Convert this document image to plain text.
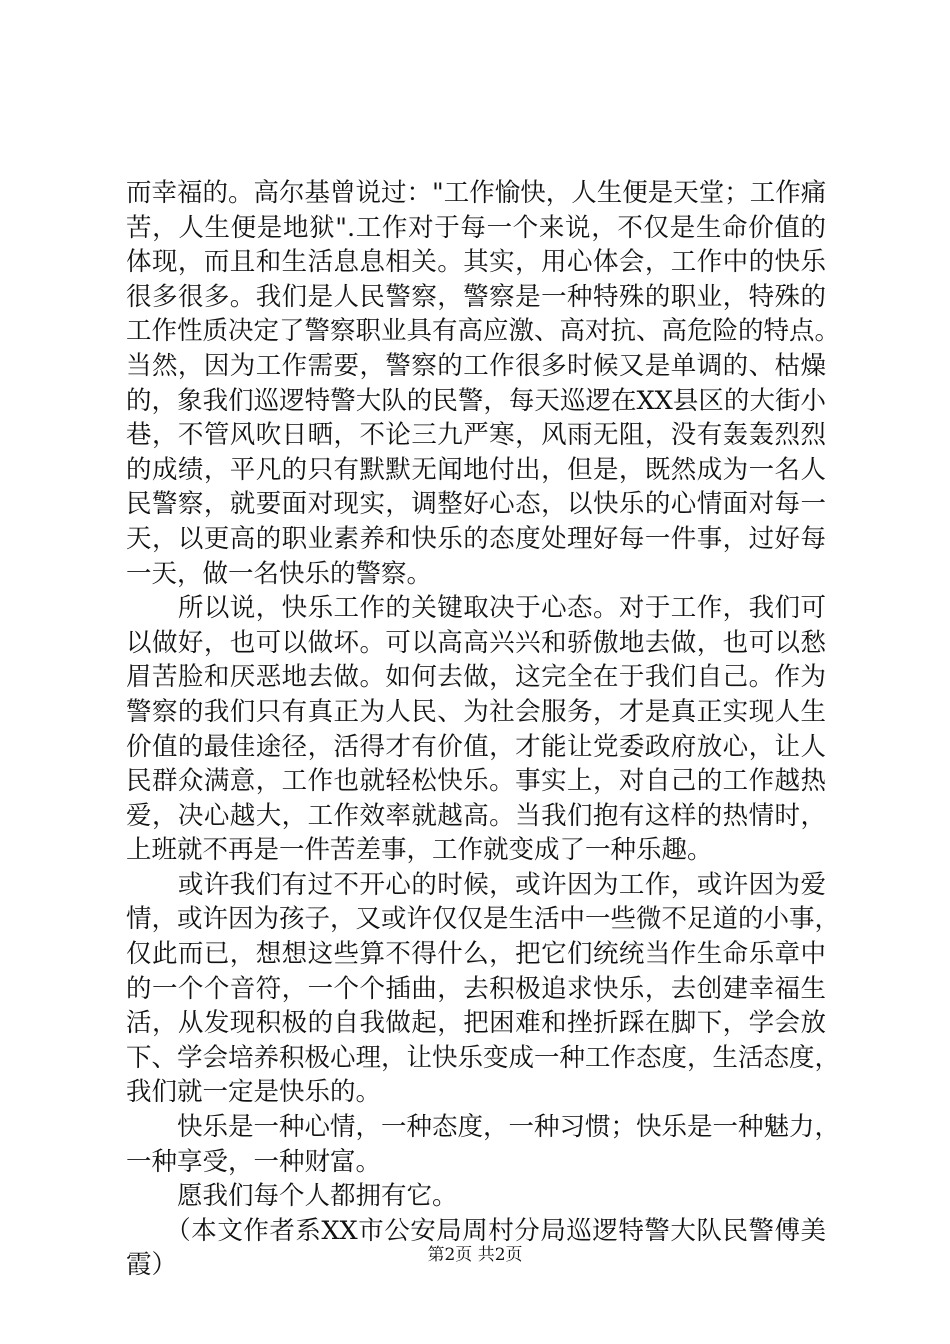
而幸福的。高尔基曾说过："工作愉快，人生便是天堂；工作痛
苦，人生便是地狱".工作对于每一个来说，不仅是生命价值的
体现，而且和生活息息相关。其实，用心体会，工作中的快乐
很多很多。我们是人民警察，警察是一种特殊的职业，特殊的
工作性质决定了警察职业具有高应激、高对抗、高危险的特点。
当然，因为工作需要，警察的工作很多时候又是单调的、枯燥
的，象我们巡逻特警大队的民警，每天巡逻在XX县区的大街小
巷，不管风吹日晒，不论三九严寒，风雨无阻，没有轰轰烈烈
的成绩，平凡的只有默默无闻地付出，但是，既然成为一名人
民警察，就要面对现实，调整好心态，以快乐的心情面对每一
天，以更高的职业素养和快乐的态度处理好每一件事，过好每
一天，做一名快乐的警察。
　　所以说，快乐工作的关键取决于心态。对于工作，我们可
以做好，也可以做坏。可以高高兴兴和骄傲地去做，也可以愁
眉苦脸和厌恶地去做。如何去做，这完全在于我们自己。作为
警察的我们只有真正为人民、为社会服务，才是真正实现人生
价值的最佳途径，活得才有价值，才能让党委政府放心，让人
民群众满意，工作也就轻松快乐。事实上，对自己的工作越热
爱，决心越大，工作效率就越高。当我们抱有这样的热情时，
上班就不再是一件苦差事，工作就变成了一种乐趣。
　　或许我们有过不开心的时候，或许因为工作，或许因为爱
情，或许因为孩子，又或许仅仅是生活中一些微不足道的小事，
仅此而已，想想这些算不得什么，把它们统统当作生命乐章中
的一个个音符，一个个插曲，去积极追求快乐，去创建幸福生
活，从发现积极的自我做起，把困难和挫折踩在脚下，学会放
下、学会培养积极心理，让快乐变成一种工作态度，生活态度，
我们就一定是快乐的。
　　快乐是一种心情，一种态度，一种习惯；快乐是一种魅力，
一种享受，一种财富。
　　愿我们每个人都拥有它。
　　（本文作者系XX市公安局周村分局巡逻特警大队民警傅美
霞）	第2页 共2页
